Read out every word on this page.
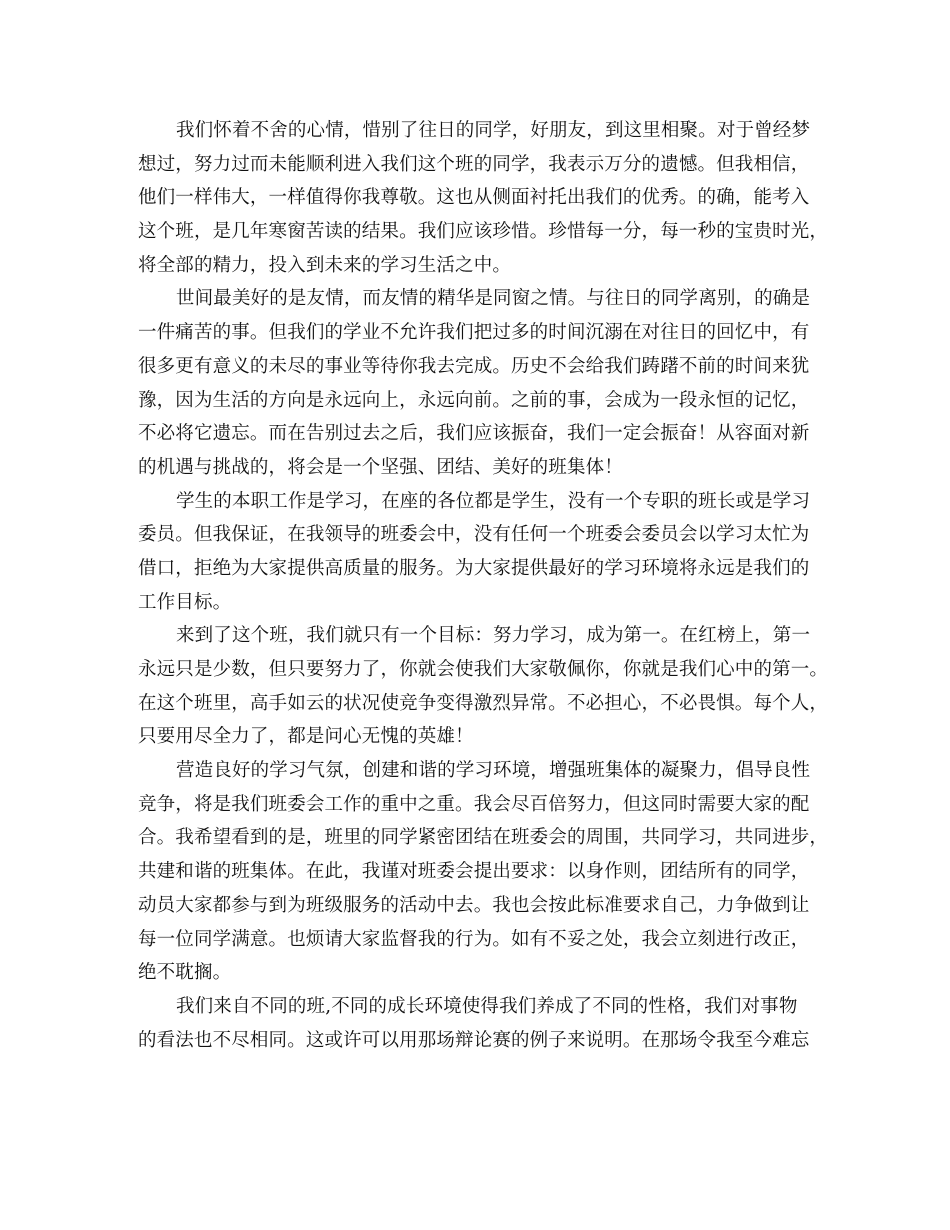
我们怀着不舍的心情，惜别了往日的同学，好朋友，到这里相聚。对于曾经梦
想过，努力过而未能顺利进入我们这个班的同学，我表示万分的遗憾。但我相信，
他们一样伟大，一样值得你我尊敬。这也从侧面衬托出我们的优秀。的确，能考入
这个班，是几年寒窗苦读的结果。我们应该珍惜。珍惜每一分，每一秒的宝贵时光，
将全部的精力，投入到未来的学习生活之中。
世间最美好的是友情，而友情的精华是同窗之情。与往日的同学离别，的确是
一件痛苦的事。但我们的学业不允许我们把过多的时间沉溺在对往日的回忆中，有
很多更有意义的未尽的事业等待你我去完成。历史不会给我们踌躇不前的时间来犹
豫，因为生活的方向是永远向上，永远向前。之前的事，会成为一段永恒的记忆，
不必将它遗忘。而在告别过去之后，我们应该振奋，我们一定会振奋！从容面对新
的机遇与挑战的，将会是一个坚强、团结、美好的班集体！
学生的本职工作是学习，在座的各位都是学生，没有一个专职的班长或是学习
委员。但我保证，在我领导的班委会中，没有任何一个班委会委员会以学习太忙为
借口，拒绝为大家提供高质量的服务。为大家提供最好的学习环境将永远是我们的
工作目标。
来到了这个班，我们就只有一个目标：努力学习，成为第一。在红榜上，第一
永远只是少数，但只要努力了，你就会使我们大家敬佩你，你就是我们心中的第一。
在这个班里，高手如云的状况使竞争变得激烈异常。不必担心，不必畏惧。每个人，
只要用尽全力了，都是问心无愧的英雄！
营造良好的学习气氛，创建和谐的学习环境，增强班集体的凝聚力，倡导良性
竞争，将是我们班委会工作的重中之重。我会尽百倍努力，但这同时需要大家的配
合。我希望看到的是，班里的同学紧密团结在班委会的周围，共同学习，共同进步，
共建和谐的班集体。在此，我谨对班委会提出要求：以身作则，团结所有的同学，
动员大家都参与到为班级服务的活动中去。我也会按此标准要求自己，力争做到让
每一位同学满意。也烦请大家监督我的行为。如有不妥之处，我会立刻进行改正，
绝不耽搁。
我们来自不同的班,不同的成长环境使得我们养成了不同的性格，我们对事物
的看法也不尽相同。这或许可以用那场辩论赛的例子来说明。在那场令我至今难忘
